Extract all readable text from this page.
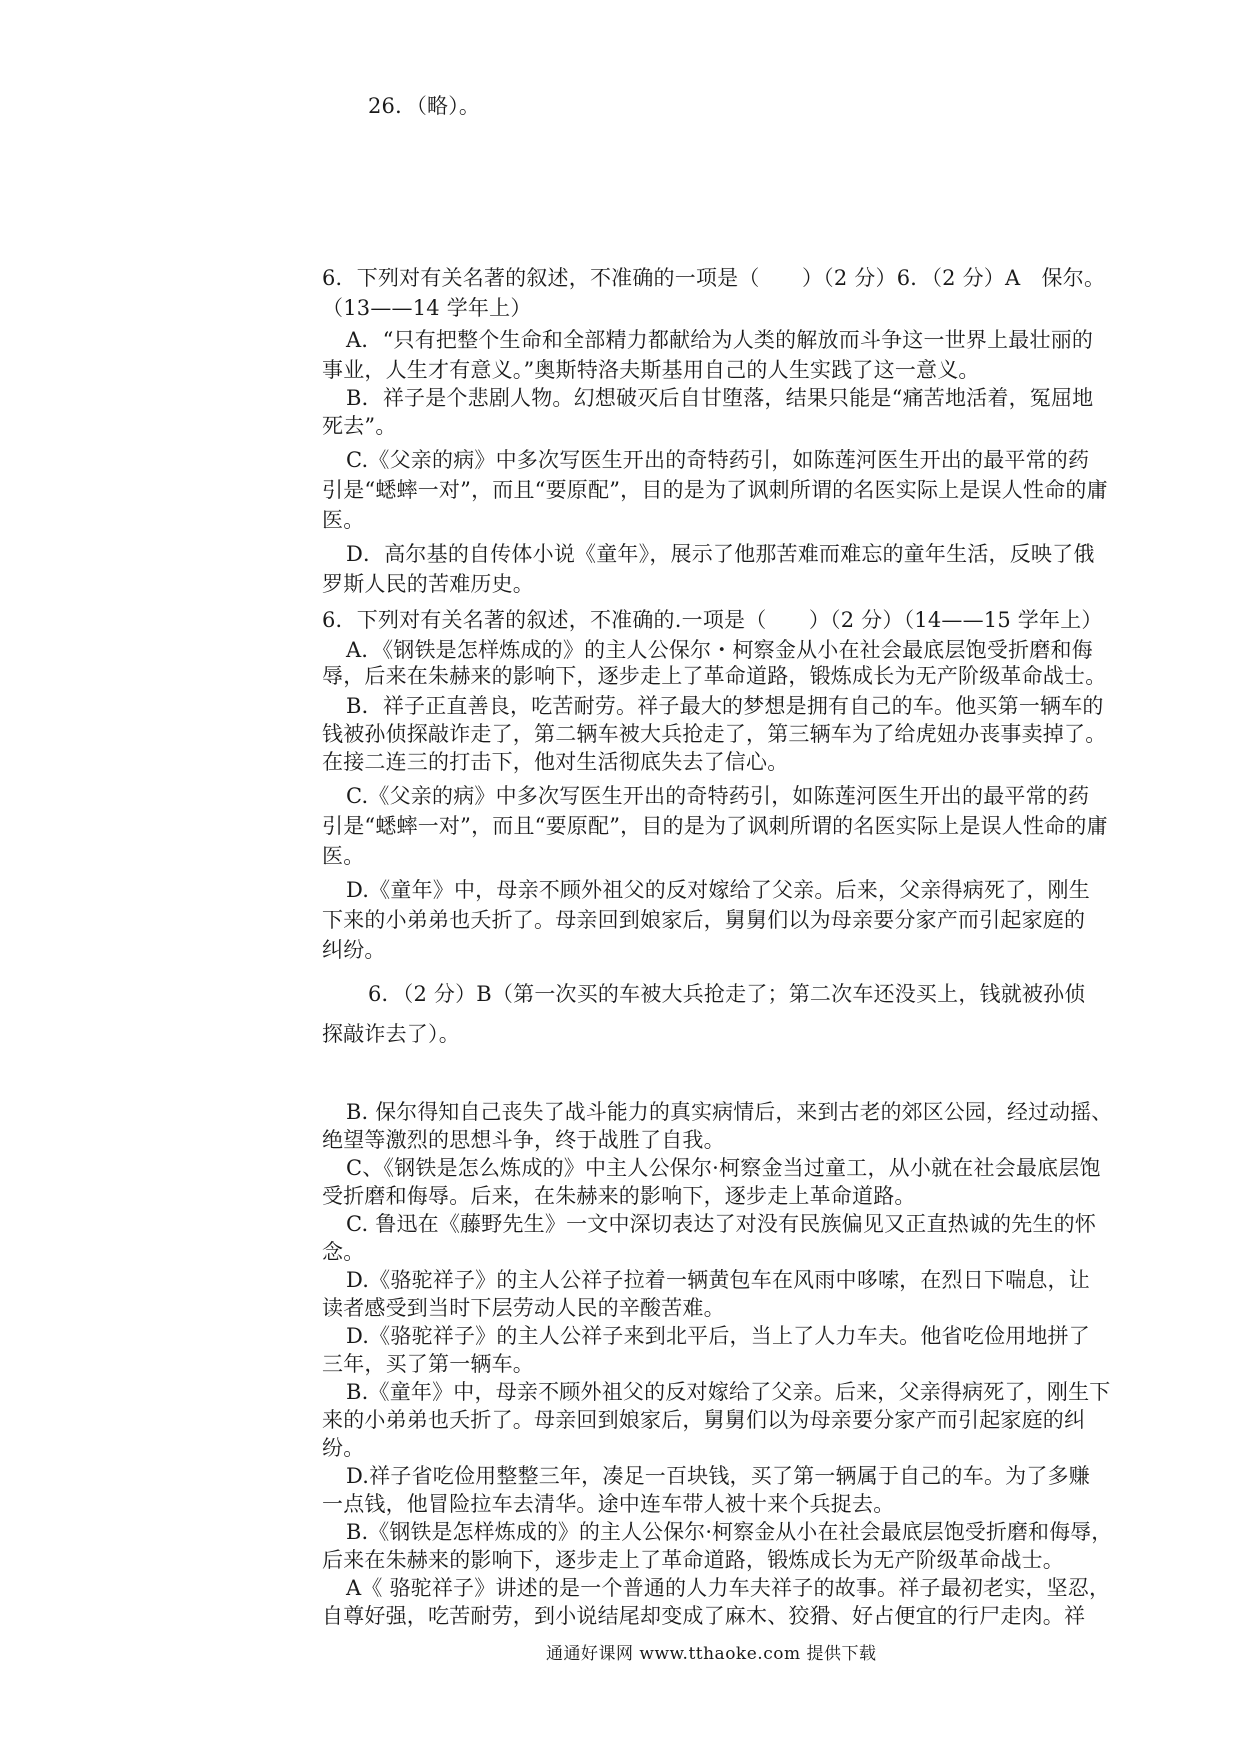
26．（略）。
6．下列对有关名著的叙述，不准确的一项是（　　）（2 分）6．（2 分）A　保尔。
（13——14 学年上）
A．“只有把整个生命和全部精力都献给为人类的解放而斗争这一世界上最壮丽的
事业，人生才有意义。”奥斯特洛夫斯基用自己的人生实践了这一意义。
B．祥子是个悲剧人物。幻想破灭后自甘堕落，结果只能是“痛苦地活着，冤屈地
死去”。
C.《父亲的病》中多次写医生开出的奇特药引，如陈莲河医生开出的最平常的药
引是“蟋蟀一对”，而且“要原配”，目的是为了讽刺所谓的名医实际上是误人性命的庸
医。
D．高尔基的自传体小说《童年》，展示了他那苦难而难忘的童年生活，反映了俄
罗斯人民的苦难历史。
6．下列对有关名著的叙述，不准确的.一项是（　　）（2 分）（14——15 学年上）
A．《钢铁是怎样炼成的》的主人公保尔・柯察金从小在社会最底层饱受折磨和侮
辱，后来在朱赫来的影响下，逐步走上了革命道路，锻炼成长为无产阶级革命战士。
B．祥子正直善良，吃苦耐劳。祥子最大的梦想是拥有自己的车。他买第一辆车的
钱被孙侦探敲诈走了，第二辆车被大兵抢走了，第三辆车为了给虎妞办丧事卖掉了。
在接二连三的打击下，他对生活彻底失去了信心。
C.《父亲的病》中多次写医生开出的奇特药引，如陈莲河医生开出的最平常的药
引是“蟋蟀一对”，而且“要原配”，目的是为了讽刺所谓的名医实际上是误人性命的庸
医。
D.《童年》中，母亲不顾外祖父的反对嫁给了父亲。后来，父亲得病死了，刚生
下来的小弟弟也夭折了。母亲回到娘家后，舅舅们以为母亲要分家产而引起家庭的
纠纷。
6．（2 分）B（第一次买的车被大兵抢走了；第二次车还没买上，钱就被孙侦
探敲诈去了）。
B. 保尔得知自己丧失了战斗能力的真实病情后，来到古老的郊区公园，经过动摇、
绝望等激烈的思想斗争，终于战胜了自我。
C、《钢铁是怎么炼成的》中主人公保尔·柯察金当过童工，从小就在社会最底层饱
受折磨和侮辱。后来，在朱赫来的影响下，逐步走上革命道路。
C. 鲁迅在《藤野先生》一文中深切表达了对没有民族偏见又正直热诚的先生的怀
念。
D.《骆驼祥子》的主人公祥子拉着一辆黄包车在风雨中哆嗦，在烈日下喘息，让
读者感受到当时下层劳动人民的辛酸苦难。
D.《骆驼祥子》的主人公祥子来到北平后，当上了人力车夫。他省吃俭用地拼了
三年，买了第一辆车。
B.《童年》中，母亲不顾外祖父的反对嫁给了父亲。后来，父亲得病死了，刚生下
来的小弟弟也夭折了。母亲回到娘家后，舅舅们以为母亲要分家产而引起家庭的纠
纷。
D.祥子省吃俭用整整三年，凑足一百块钱，买了第一辆属于自己的车。为了多赚
一点钱，他冒险拉车去清华。途中连车带人被十来个兵捉去。
B.《钢铁是怎样炼成的》的主人公保尔·柯察金从小在社会最底层饱受折磨和侮辱，
后来在朱赫来的影响下，逐步走上了革命道路，锻炼成长为无产阶级革命战士。
A《 骆驼祥子》讲述的是一个普通的人力车夫祥子的故事。祥子最初老实，坚忍，
自尊好强，吃苦耐劳，到小说结尾却变成了麻木、狡猾、好占便宜的行尸走肉。祥
通通好课网 www.tthaoke.com 提供下载
